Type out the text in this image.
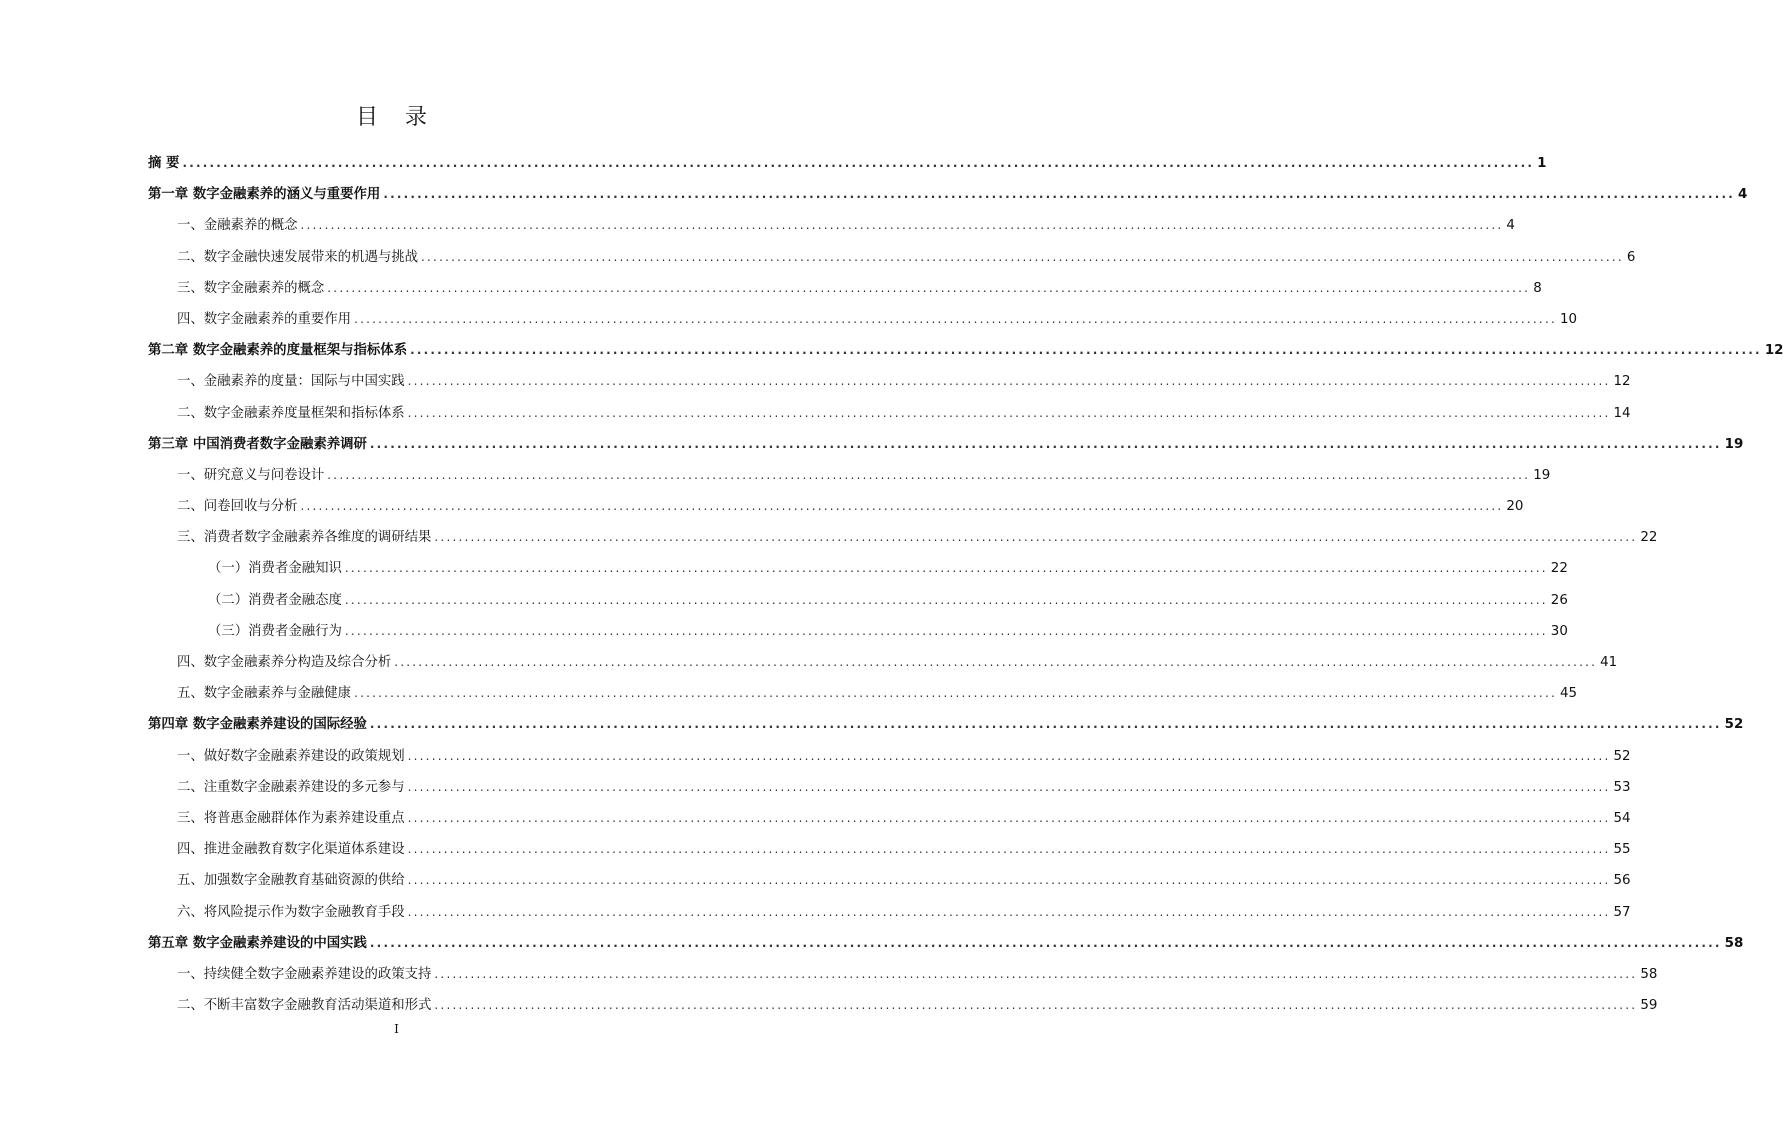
目 录
摘 要 ........................................................................................................................................................................................................ 1
第一章 数字金融素养的涵义与重要作用 ........................................................................................................................................................................................................ 4
一、金融素养的概念 ........................................................................................................................................................................................................ 4
二、数字金融快速发展带来的机遇与挑战 ........................................................................................................................................................................................................ 6
三、数字金融素养的概念 ........................................................................................................................................................................................................ 8
四、数字金融素养的重要作用 ........................................................................................................................................................................................................ 10
第二章 数字金融素养的度量框架与指标体系 ........................................................................................................................................................................................................ 12
一、金融素养的度量：国际与中国实践 ........................................................................................................................................................................................................ 12
二、数字金融素养度量框架和指标体系 ........................................................................................................................................................................................................ 14
第三章 中国消费者数字金融素养调研 ........................................................................................................................................................................................................ 19
一、研究意义与问卷设计 ........................................................................................................................................................................................................ 19
二、问卷回收与分析 ........................................................................................................................................................................................................ 20
三、消费者数字金融素养各维度的调研结果 ........................................................................................................................................................................................................ 22
（一）消费者金融知识 ........................................................................................................................................................................................................ 22
（二）消费者金融态度 ........................................................................................................................................................................................................ 26
（三）消费者金融行为 ........................................................................................................................................................................................................ 30
四、数字金融素养分构造及综合分析 ........................................................................................................................................................................................................ 41
五、数字金融素养与金融健康 ........................................................................................................................................................................................................ 45
第四章 数字金融素养建设的国际经验 ........................................................................................................................................................................................................ 52
一、做好数字金融素养建设的政策规划 ........................................................................................................................................................................................................ 52
二、注重数字金融素养建设的多元参与 ........................................................................................................................................................................................................ 53
三、将普惠金融群体作为素养建设重点 ........................................................................................................................................................................................................ 54
四、推进金融教育数字化渠道体系建设 ........................................................................................................................................................................................................ 55
五、加强数字金融教育基础资源的供给 ........................................................................................................................................................................................................ 56
六、将风险提示作为数字金融教育手段 ........................................................................................................................................................................................................ 57
第五章 数字金融素养建设的中国实践 ........................................................................................................................................................................................................ 58
一、持续健全数字金融素养建设的政策支持 ........................................................................................................................................................................................................ 58
二、不断丰富数字金融教育活动渠道和形式 ........................................................................................................................................................................................................ 59
I
